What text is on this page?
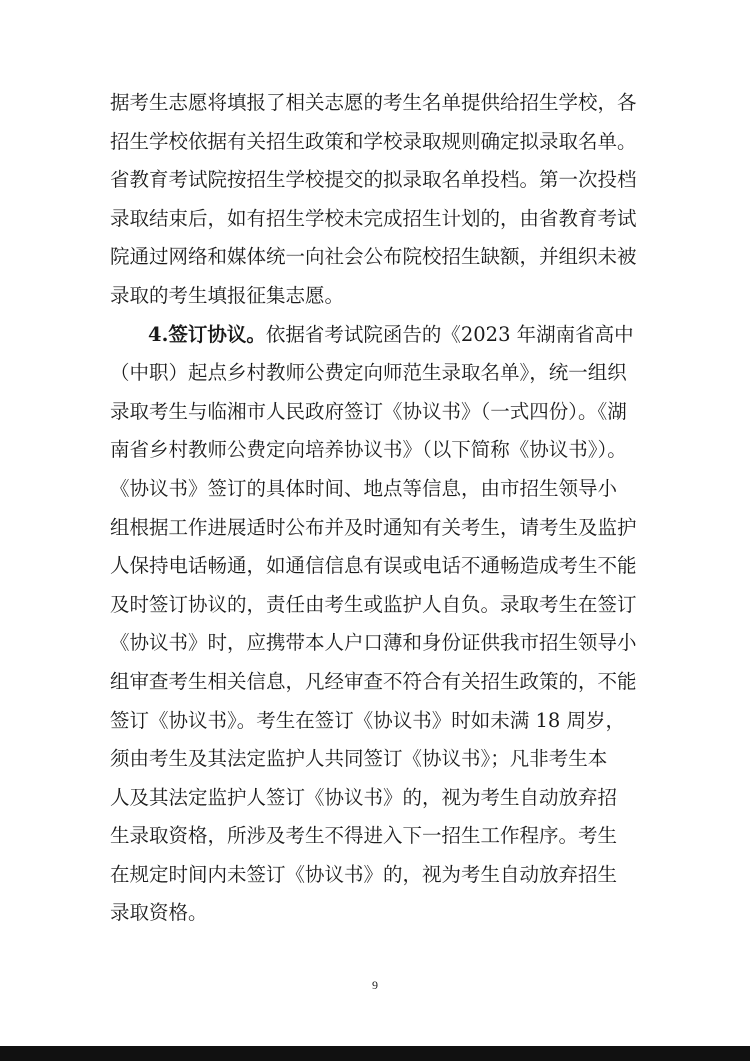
据考生志愿将填报了相关志愿的考生名单提供给招生学校，各
招生学校依据有关招生政策和学校录取规则确定拟录取名单。
省教育考试院按招生学校提交的拟录取名单投档。第一次投档
录取结束后，如有招生学校未完成招生计划的，由省教育考试
院通过网络和媒体统一向社会公布院校招生缺额，并组织未被
录取的考生填报征集志愿。
4.签订协议。依据省考试院函告的《2023 年湖南省高中
（中职）起点乡村教师公费定向师范生录取名单》，统一组织
录取考生与临湘市人民政府签订《协议书》（一式四份）。《湖
南省乡村教师公费定向培养协议书》（以下简称《协议书》）。
《协议书》签订的具体时间、地点等信息，由市招生领导小
组根据工作进展适时公布并及时通知有关考生，请考生及监护
人保持电话畅通，如通信信息有误或电话不通畅造成考生不能
及时签订协议的，责任由考生或监护人自负。录取考生在签订
《协议书》时，应携带本人户口薄和身份证供我市招生领导小
组审查考生相关信息，凡经审查不符合有关招生政策的，不能
签订《协议书》。考生在签订《协议书》时如未满 18 周岁，
须由考生及其法定监护人共同签订《协议书》；凡非考生本
人及其法定监护人签订《协议书》的，视为考生自动放弃招
生录取资格，所涉及考生不得进入下一招生工作程序。考生
在规定时间内未签订《协议书》的，视为考生自动放弃招生
录取资格。
9
